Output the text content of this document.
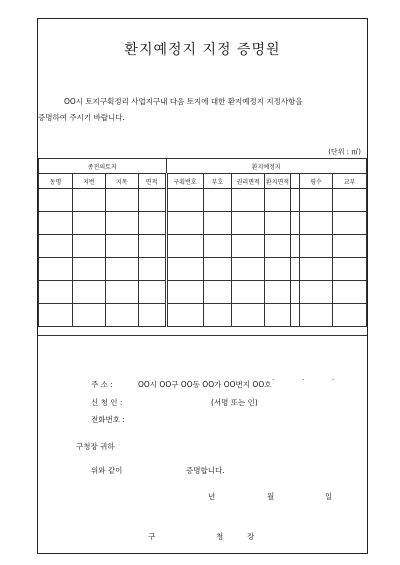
환지예정지 지정 증명원
OO시 토지구획정리 사업지구내 다음 토지에 대한 환지예정지 지정사항을
증명하여 주시기 바랍니다.
(단위 : ㎡)
종전의토지				환지예정지						
동명	지번	지목	면적	구획번호	부호	권리면적	환지면적		평수	교부

.	.	.
주 소 :	OO시 OO구 OO동 OO가 OO번지 OO호
신 청 인 :	(서명 또는 인)
전화번호 :
구청장 귀하
위와 같이	증명합니다.
년	월	일
구	청	장
